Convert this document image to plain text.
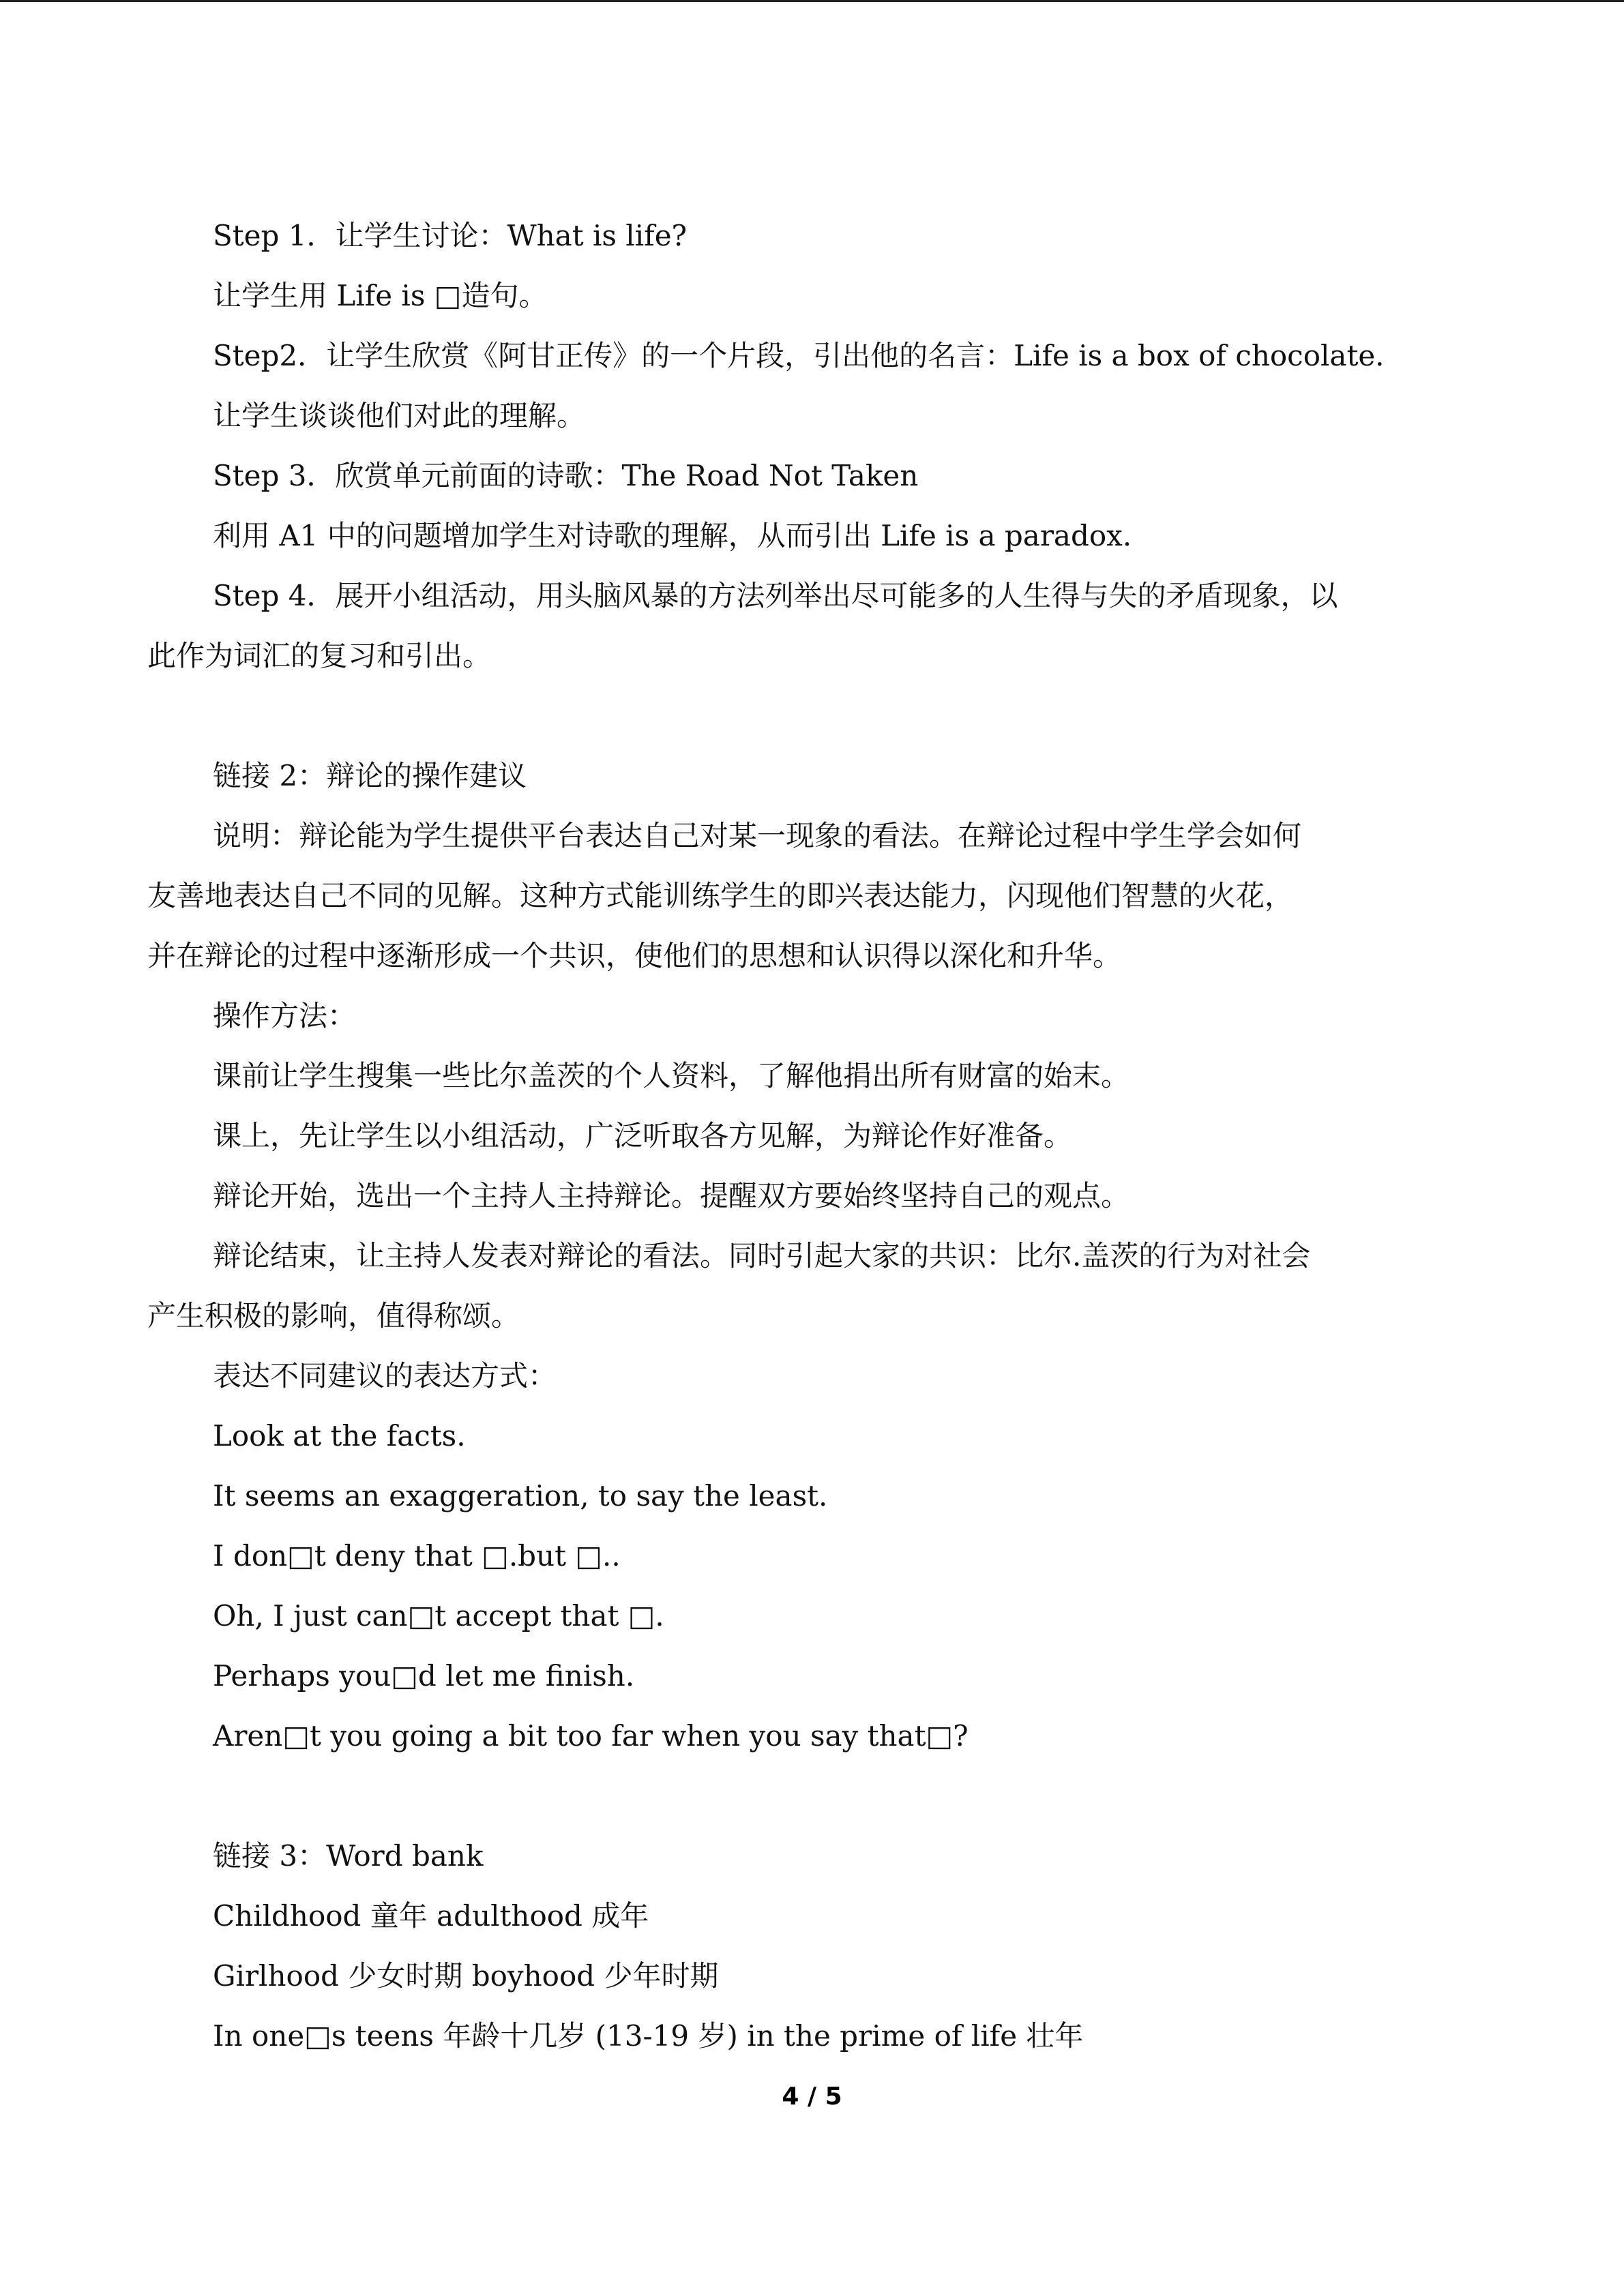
Step 1．让学生讨论：What is life?
让学生用 Life is □造句。
Step2．让学生欣赏《阿甘正传》的一个片段，引出他的名言：Life is a box of chocolate.
让学生谈谈他们对此的理解。
Step 3．欣赏单元前面的诗歌：The Road Not Taken
利用 A1 中的问题增加学生对诗歌的理解，从而引出 Life is a paradox.
Step 4．展开小组活动，用头脑风暴的方法列举出尽可能多的人生得与失的矛盾现象，以
此作为词汇的复习和引出。
链接 2：辩论的操作建议
说明：辩论能为学生提供平台表达自己对某一现象的看法。在辩论过程中学生学会如何
友善地表达自己不同的见解。这种方式能训练学生的即兴表达能力，闪现他们智慧的火花，
并在辩论的过程中逐渐形成一个共识，使他们的思想和认识得以深化和升华。
操作方法：
课前让学生搜集一些比尔盖茨的个人资料，了解他捐出所有财富的始末。
课上，先让学生以小组活动，广泛听取各方见解，为辩论作好准备。
辩论开始，选出一个主持人主持辩论。提醒双方要始终坚持自己的观点。
辩论结束，让主持人发表对辩论的看法。同时引起大家的共识：比尔.盖茨的行为对社会
产生积极的影响，值得称颂。
表达不同建议的表达方式：
Look at the facts.
It seems an exaggeration, to say the least.
I don□t deny that □.but □..
Oh, I just can□t accept that □.
Perhaps you□d let me finish.
Aren□t you going a bit too far when you say that□?
链接 3：Word bank
Childhood 童年 adulthood 成年
Girlhood 少女时期 boyhood 少年时期
In one□s teens 年龄十几岁 (13-19 岁) in the prime of life 壮年
4 / 5
